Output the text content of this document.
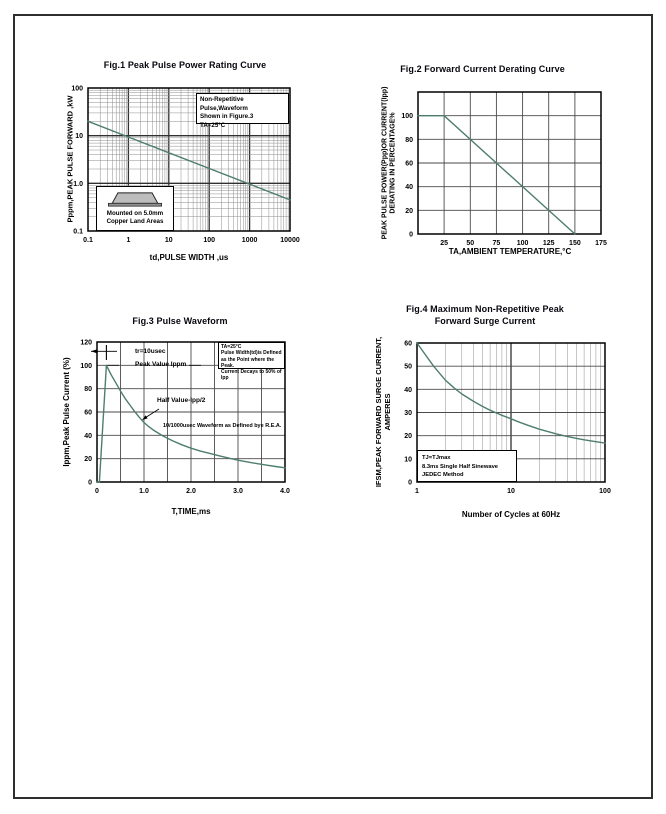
Fig.1 Peak Pulse Power Rating Curve
0.1	1	10	100	1000	10000
0.1
1.0
10
100
Pppm,PEAK PULSE FORWARD ,kW
td,PULSE WIDTH ,us
Non-Repetitive Pulse,Waveform
Shown in Figure.3
TA=25°C
Mounted on 5.0mm
Copper Land Areas
Fig.2 Forward Current Derating Curve
25	50	75 100 125 150 175
0
20
40
60
80
100
PEAK PULSE POWER(Ppp)OR CURRENT(Ipp) DERATING IN PERCENTAGE%
TA,AMBIENT TEMPERATURE,°C
Fig.3 Pulse Waveform
0	1.0	2.0	3.0	4.0
0
20
40
60
80
100
120
Ippm,Peak Pulse Current (%)
T,TIME,ms
tr=10usec
Peak Value Ippm
Half Value-Ipp/2
10/1000usec Waveform as Defined bye R.E.A.
TA=25°C
Pulse Width(td)is Defined
as the Point where the Peak.
Current Decays to 50% of Ipp
Fig.4 Maximum Non-Repetitive Peak
Forward Surge Current
1	10	100
0
10
20
30
40
50
60
IFSM,PEAK FORWARD SURGE CURRENT, AMPERES
Number of Cycles at 60Hz
TJ=TJmax
8.3ms Single Half Sinewave
JEDEC Method
